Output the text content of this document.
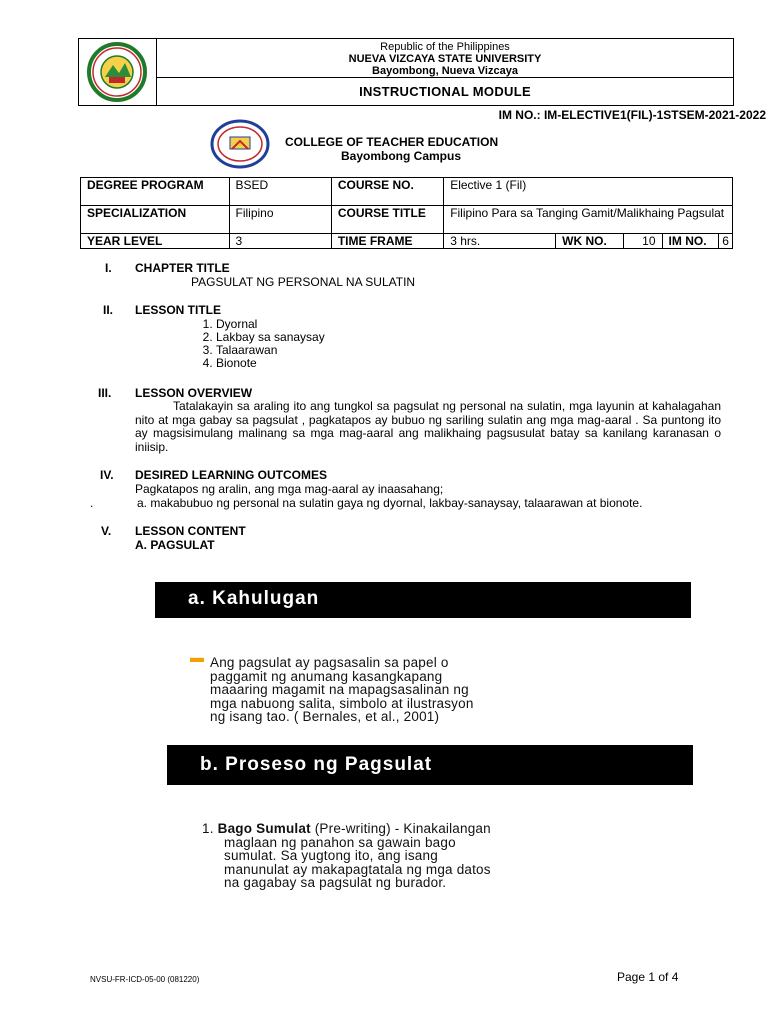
Republic of the Philippines
NUEVA VIZCAYA STATE UNIVERSITY
Bayombong, Nueva Vizcaya
INSTRUCTIONAL MODULE
IM NO.: IM-ELECTIVE1(FIL)-1STSEM-2021-2022
COLLEGE OF TEACHER EDUCATION
Bayombong Campus
DEGREE PROGRAM	BSED	COURSE NO.	Elective 1 (Fil)				
SPECIALIZATION	Filipino	COURSE TITLE	Filipino Para sa Tanging Gamit/Malikhaing Pagsulat				
YEAR LEVEL	3	TIME FRAME	3 hrs.	WK NO.	10	IM NO.	6
I. CHAPTER TITLE
PAGSULAT NG PERSONAL NA SULATIN
II. LESSON TITLE
1. Dyornal
2. Lakbay sa sanaysay
3. Talaarawan
4. Bionote
III. LESSON OVERVIEW
Tatalakayin sa araling ito ang tungkol sa pagsulat ng personal na sulatin, mga layunin at kahalagahan nito at mga gabay sa pagsulat , pagkatapos ay bubuo ng sariling sulatin ang mga mag-aaral . Sa puntong ito ay magsisimulang malinang sa mga mag-aaral ang malikhaing pagsusulat batay sa kanilang karanasan o iniisip.
IV. DESIRED LEARNING OUTCOMES
Pagkatapos ng aralin, ang mga mag-aaral ay inaasahang;
.	a. makabubuo ng personal na sulatin gaya ng dyornal, lakbay-sanaysay, talaarawan at bionote.
V. LESSON CONTENT
A. PAGSULAT
a. Kahulugan
▬ Ang pagsulat ay pagsasalin sa papel o
paggamit ng anumang kasangkapang
maaaring magamit na mapagsasalinan ng
mga nabuong salita, simbolo at ilustrasyon
ng isang tao. ( Bernales, et al., 2001)
b. Proseso ng Pagsulat
1. Bago Sumulat (Pre-writing) - Kinakailangan
maglaan ng panahon sa gawain bago
sumulat. Sa yugtong ito, ang isang
manunulat ay makapagtatala ng mga datos
na gagabay sa pagsulat ng burador.
NVSU-FR-ICD-05-00 (081220)	Page 1 of 4
